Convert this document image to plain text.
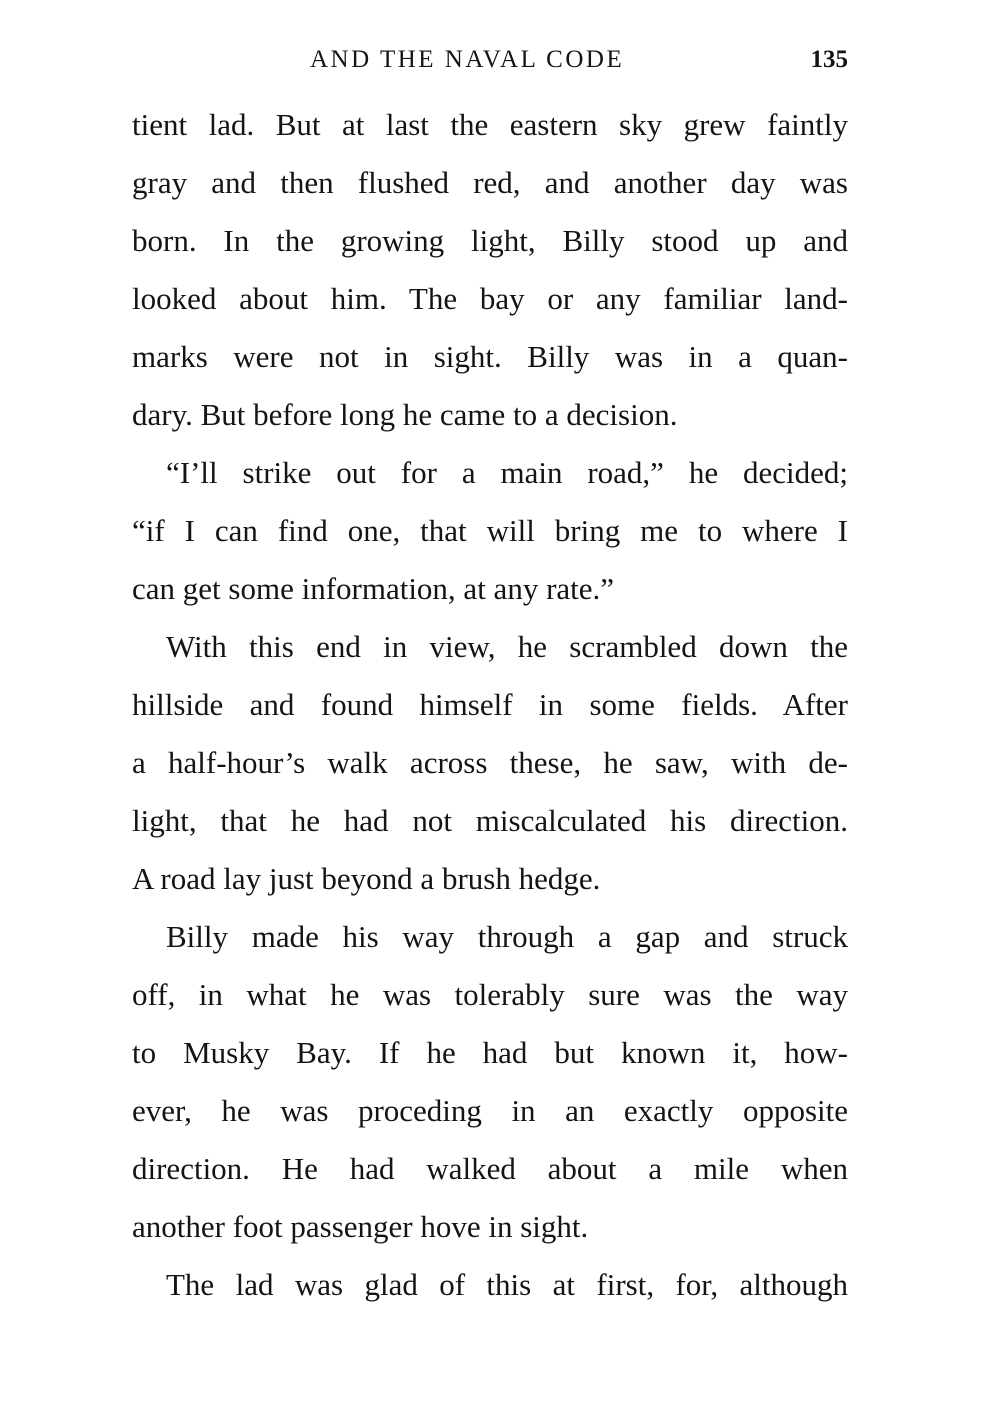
AND THE NAVAL CODE	135
tient lad. But at last the eastern sky grew faintly
gray and then flushed red, and another day was
born. In the growing light, Billy stood up and
looked about him. The bay or any familiar land-
marks were not in sight. Billy was in a quan-
dary. But before long he came to a decision.
“I’ll strike out for a main road,” he decided;
“if I can find one, that will bring me to where I
can get some information, at any rate.”
With this end in view, he scrambled down the
hillside and found himself in some fields. After
a half-hour’s walk across these, he saw, with de-
light, that he had not miscalculated his direction.
A road lay just beyond a brush hedge.
Billy made his way through a gap and struck
off, in what he was tolerably sure was the way
to Musky Bay. If he had but known it, how-
ever, he was proceding in an exactly opposite
direction. He had walked about a mile when
another foot passenger hove in sight.
The lad was glad of this at first, for, although
